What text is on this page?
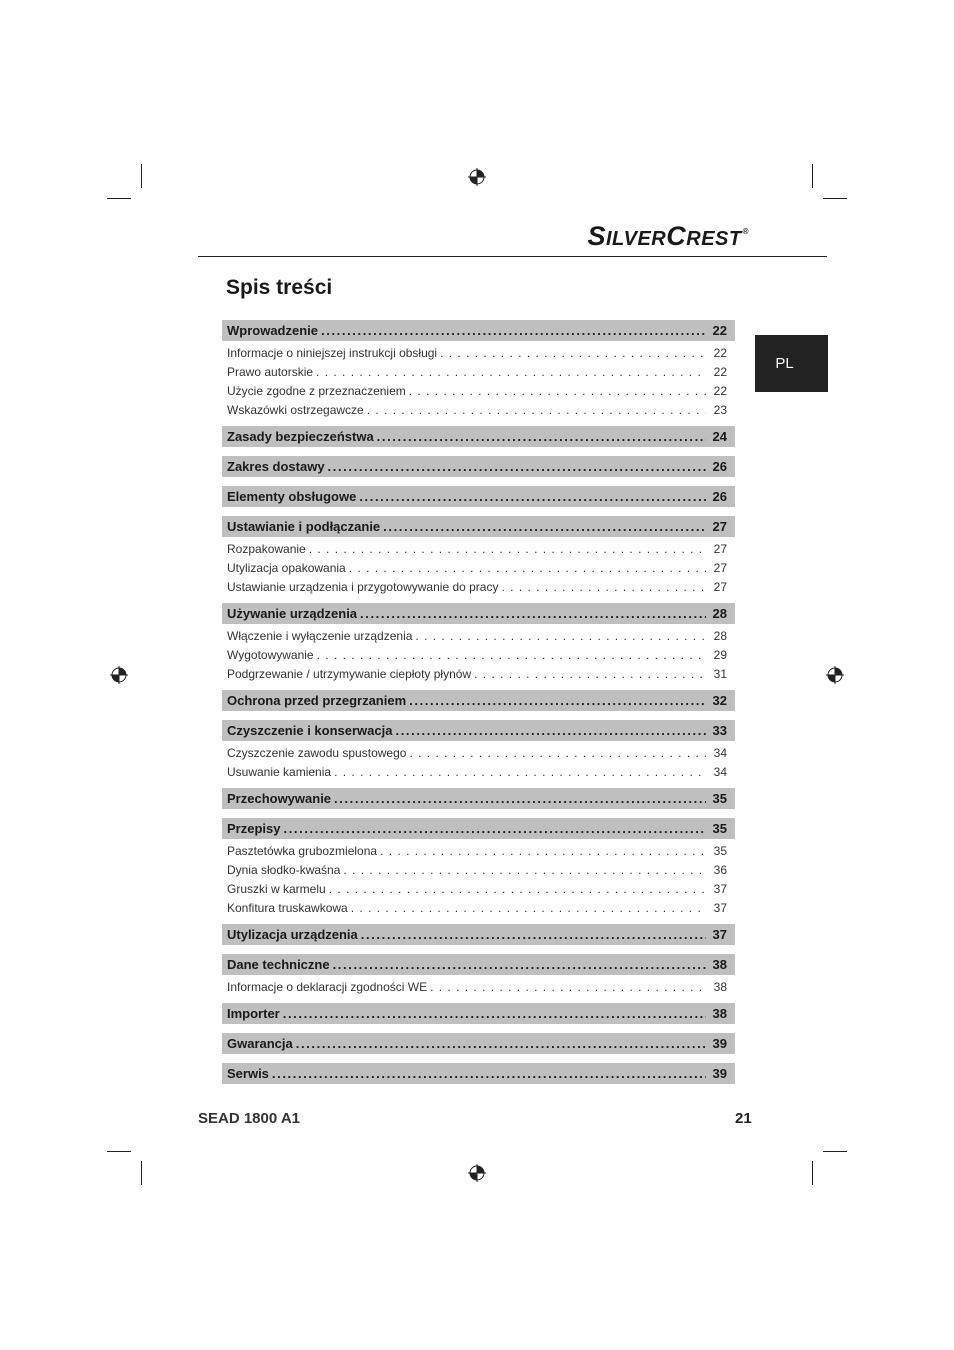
SILVERCREST®
Spis treści
PL
Wprowadzenie .....	22
Informacje o niniejszej instrukcji obsługi . . .	22
Prawo autorskie . . .	22
Użycie zgodne z przeznaczeniem . . .	22
Wskazówki ostrzegawcze . . .	23
Zasady bezpieczeństwa .....	24
Zakres dostawy .....	26
Elementy obsługowe .....	26
Ustawianie i podłączanie .....	27
Rozpakowanie . . .	27
Utylizacja opakowania . . .	27
Ustawianie urządzenia i przygotowywanie do pracy . . .	27
Używanie urządzenia .....	28
Włączenie i wyłączenie urządzenia . . .	28
Wygotowywanie . . .	29
Podgrzewanie / utrzymywanie ciepłoty płynów . . .	31
Ochrona przed przegrzaniem .....	32
Czyszczenie i konserwacja .....	33
Czyszczenie zawodu spustowego . . .	34
Usuwanie kamienia . . .	34
Przechowywanie .....	35
Przepisy .....	35
Pasztetówka grubozmielona . . .	35
Dynia słodko-kwaśna . . .	36
Gruszki w karmelu . . .	37
Konfitura truskawkowa . . .	37
Utylizacja urządzenia .....	37
Dane techniczne .....	38
Informacje o deklaracji zgodności WE . . .	38
Importer .....	38
Gwarancja .....	39
Serwis .....	39
SEAD 1800 A1	21
